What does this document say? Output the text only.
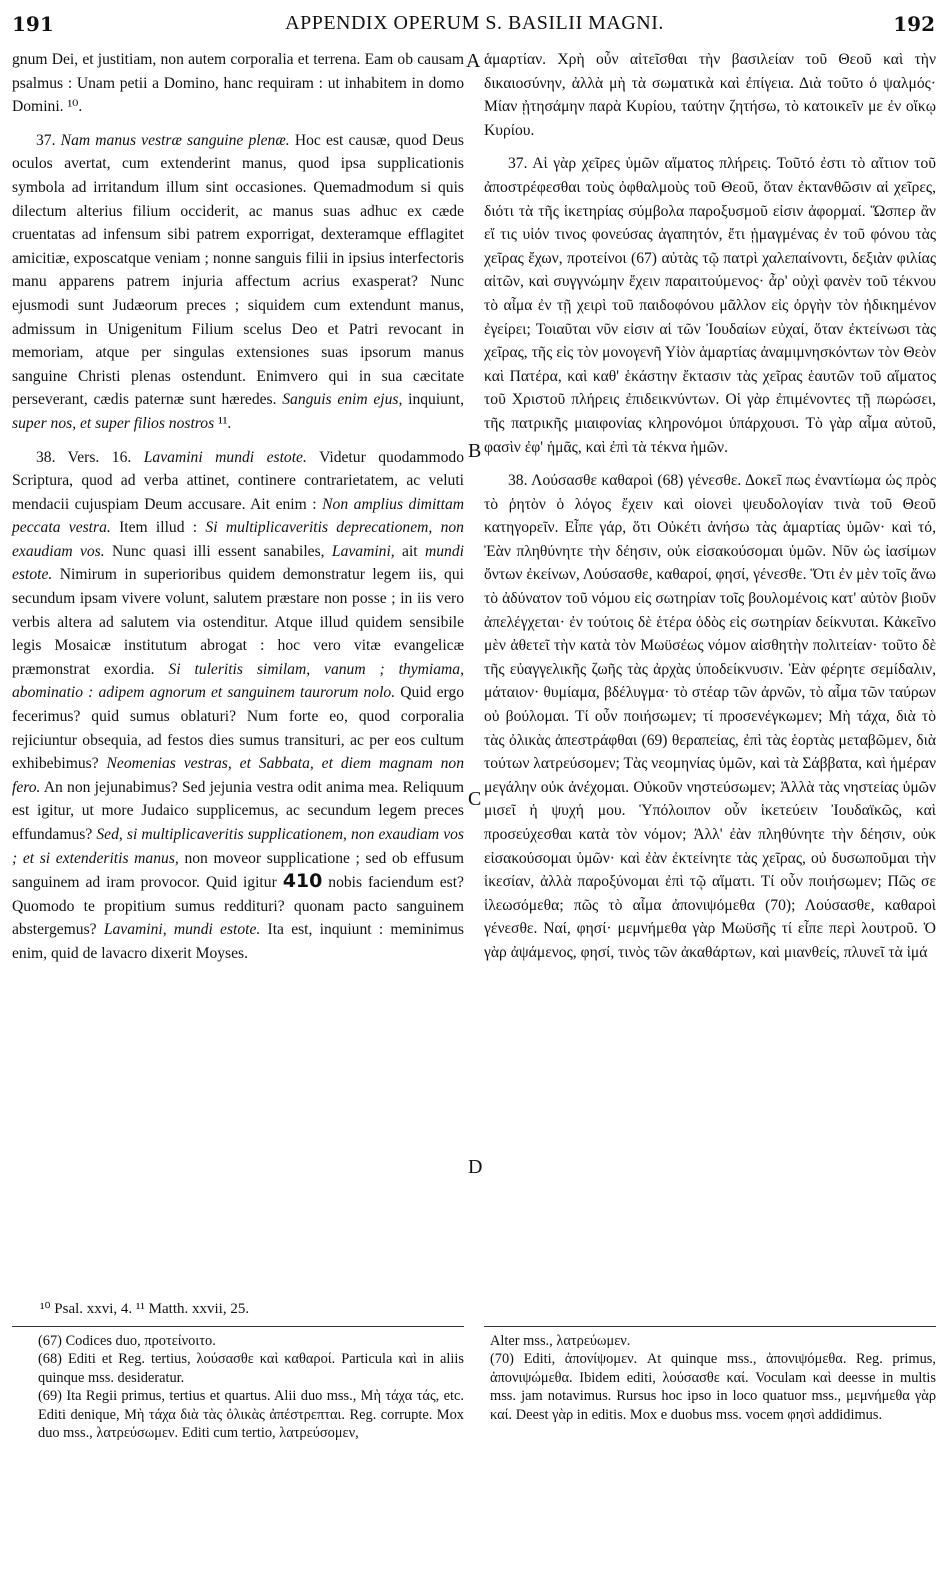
191	APPENDIX OPERUM S. BASILII MAGNI.	192

gnum Dei, et justitiam, non autem corporalia et terrena. Eam ob causam psalmus : Unam petii a Domino, hanc requiram : ut inhabitem in domo Domini. ¹⁰.

37. Nam manus vestræ sanguine plenæ. Hoc est causæ, quod Deus oculos avertat, cum extenderint manus, quod ipsa supplicationis symbola ad irritandum illum sint occasiones. Quemadmodum si quis dilectum alterius filium occiderit, ac manus suas adhuc ex cæde cruentatas ad infensum sibi patrem exporrigat, dexteramque efflagitet amicitiæ, exposcatque veniam ; nonne sanguis filii in ipsius interfectoris manu apparens patrem injuria affectum acrius exasperat? Nunc ejusmodi sunt Judæorum preces ; siquidem cum extendunt manus, admissum in Unigenitum Filium scelus Deo et Patri revocant in memoriam, atque per singulas extensiones suas ipsorum manus sanguine Christi plenas ostendunt. Enimvero qui in sua cæcitate perseverant, cædis paternæ sunt hæredes. Sanguis enim ejus, inquiunt, super nos, et super filios nostros ¹¹.

38. Vers. 16. Lavamini mundi estote. Videtur quodammodo Scriptura, quod ad verba attinet, continere contrarietatem, ac veluti mendacii cujuspiam Deum accusare. Ait enim : Non amplius dimittam peccata vestra. Item illud : Si multiplicaveritis deprecationem, non exaudiam vos. Nunc quasi illi essent sanabiles, Lavamini, ait mundi estote. Nimirum in superioribus quidem demonstratur legem iis, qui secundum ipsam vivere volunt, salutem præstare non posse ; in iis vero verbis altera ad salutem via ostenditur. Atque illud quidem sensibile legis Mosaicæ institutum abrogat : hoc vero vitæ evangelicæ præmonstrat exordia. Si tuleritis similam, vanum ; thymiama, abominatio : adipem agnorum et sanguinem taurorum nolo. Quid ergo fecerimus? quid sumus oblaturi? Num forte eo, quod corporalia rejiciuntur obsequia, ad festos dies sumus transituri, ac per eos cultum exhibebimus? Neomenias vestras, et Sabbata, et diem magnam non fero. An non jejunabimus? Sed jejunia vestra odit anima mea. Reliquum est igitur, ut more Judaico supplicemus, ac secundum legem preces effundamus? Sed, si multiplicaveritis supplicationem, non exaudiam vos ; et si extenderitis manus, non moveor supplicatione ; sed ob effusum sanguinem ad iram provocor. Quid igitur 410 nobis faciendum est? Quomodo te propitium sumus reddituri? quonam pacto sanguinem abstergemus? Lavamini, mundi estote. Ita est, inquiunt : meminimus enim, quid de lavacro dixerit Moyses.

ἁμαρτίαν. Χρὴ οὖν αἰτεῖσθαι τὴν βασιλείαν τοῦ Θεοῦ καὶ τὴν δικαιοσύνην, ἀλλὰ μὴ τὰ σωματικὰ καὶ ἐπίγεια. Διὰ τοῦτο ὁ ψαλμός· Μίαν ᾐτησάμην παρὰ Κυρίου, ταύτην ζητήσω, τὸ κατοικεῖν με ἐν οἴκῳ Κυρίου.

37. Αἱ γὰρ χεῖρες ὑμῶν αἵματος πλήρεις. Τοῦτό ἐστι τὸ αἴτιον τοῦ ἀποστρέφεσθαι τοὺς ὀφθαλμοὺς τοῦ Θεοῦ, ὅταν ἐκτανθῶσιν αἱ χεῖρες, διότι τὰ τῆς ἱκετηρίας σύμβολα παροξυσμοῦ εἰσιν ἀφορμαί. Ὥσπερ ἂν εἴ τις υἱόν τινος φονεύσας ἀγαπητόν, ἔτι ᾑμαγμένας ἐν τοῦ φόνου τὰς χεῖρας ἔχων, προτείνοι (67) αὐτὰς τῷ πατρὶ χαλεπαίνοντι, δεξιὰν φιλίας αἰτῶν, καὶ συγγνώμην ἔχειν παραιτούμενος· ἆρ' οὐχὶ φανὲν τοῦ τέκνου τὸ αἷμα ἐν τῇ χειρὶ τοῦ παιδοφόνου μᾶλλον εἰς ὀργὴν τὸν ἠδικημένον ἐγείρει; Τοιαῦται νῦν εἰσιν αἱ τῶν Ἰουδαίων εὐχαί, ὅταν ἐκτείνωσι τὰς χεῖρας, τῆς εἰς τὸν μονογενῆ Υἱὸν ἁμαρτίας ἀναμιμνησκόντων τὸν Θεὸν καὶ Πατέρα, καὶ καθ' ἑκάστην ἔκτασιν τὰς χεῖρας ἑαυτῶν τοῦ αἵματος τοῦ Χριστοῦ πλήρεις ἐπιδεικνύντων. Οἱ γὰρ ἐπιμένοντες τῇ πωρώσει, τῆς πατρικῆς μιαιφονίας κληρονόμοι ὑπάρχουσι. Τὸ γὰρ αἷμα αὐτοῦ, φασὶν ἐφ' ἡμᾶς, καὶ ἐπὶ τὰ τέκνα ἡμῶν.

38. Λούσασθε καθαροὶ (68) γένεσθε. Δοκεῖ πως ἐναντίωμα ὡς πρὸς τὸ ῥητὸν ὁ λόγος ἔχειν καὶ οἱονεὶ ψευδολογίαν τινὰ τοῦ Θεοῦ κατηγορεῖν. Εἶπε γάρ, ὅτι Οὐκέτι ἀνήσω τὰς ἁμαρτίας ὑμῶν· καὶ τό, Ἐὰν πληθύνητε τὴν δέησιν, οὐκ εἰσακούσομαι ὑμῶν. Νῦν ὡς ἰασίμων ὄντων ἐκείνων, Λούσασθε, καθαροί, φησί, γένεσθε. Ὅτι ἐν μὲν τοῖς ἄνω τὸ ἀδύνατον τοῦ νόμου εἰς σωτηρίαν τοῖς βουλομένοις κατ' αὐτὸν βιοῦν ἀπελέγχεται· ἐν τούτοις δὲ ἑτέρα ὁδὸς εἰς σωτηρίαν δείκνυται. Κἀκεῖνο μὲν ἀθετεῖ τὴν κατὰ τὸν Μωϋσέως νόμον αἰσθητὴν πολιτείαν· τοῦτο δὲ τῆς εὐαγγελικῆς ζωῆς τὰς ἀρχὰς ὑποδείκνυσιν. Ἐὰν φέρητε σεμίδαλιν, μάταιον· θυμίαμα, βδέλυγμα· τὸ στέαρ τῶν ἀρνῶν, τὸ αἷμα τῶν ταύρων οὐ βούλομαι. Τί οὖν ποιήσωμεν; τί προσενέγκωμεν; Μὴ τάχα, διὰ τὸ τὰς ὀλικὰς ἀπεστράφθαι (69) θεραπείας, ἐπὶ τὰς ἑορτὰς μεταβῶμεν, διὰ τούτων λατρεύσομεν; Τὰς νεομηνίας ὑμῶν, καὶ τὰ Σάββατα, καὶ ἡμέραν μεγάλην οὐκ ἀνέχομαι. Οὐκοῦν νηστεύσωμεν; Ἀλλὰ τὰς νηστείας ὑμῶν μισεῖ ἡ ψυχή μου. Ὑπόλοιπον οὖν ἱκετεύειν Ἰουδαϊκῶς, καὶ προσεύχεσθαι κατὰ τὸν νόμον; Ἀλλ' ἐὰν πληθύνητε τὴν δέησιν, οὐκ εἰσακούσομαι ὑμῶν· καὶ ἐὰν ἐκτείνητε τὰς χεῖρας, οὐ δυσωποῦμαι τὴν ἱκεσίαν, ἀλλὰ παροξύνομαι ἐπὶ τῷ αἵματι. Τί οὖν ποιήσωμεν; Πῶς σε ἱλεωσόμεθα; πῶς τὸ αἷμα ἀπονιψόμεθα (70); Λούσασθε, καθαροὶ γένεσθε. Ναί, φησί· μεμνήμεθα γὰρ Μωϋσῆς τί εἶπε περὶ λουτροῦ. Ὁ γὰρ ἀψάμενος, φησί, τινὸς τῶν ἀκαθάρτων, καὶ μιανθείς, πλυνεῖ τὰ ἱμά

A
B
C
D
¹⁰ Psal. xxvi, 4. ¹¹ Matth. xxvii, 25.

(67) Codices duo, προτείνοιτο.

(68) Editi et Reg. tertius, λούσασθε καὶ καθαροί. Particula καὶ in aliis quinque mss. desideratur.

(69) Ita Regii primus, tertius et quartus. Alii duo mss., Μὴ τάχα τάς, etc. Editi denique, Μὴ τάχα διὰ τὰς ὀλικὰς ἀπέστρεπται. Reg. corrupte. Mox duo mss., λατρεύσωμεν. Editi cum tertio, λατρεύσομεν,

Alter mss., λατρεύωμεν.

(70) Editi, ἀπονίψομεν. At quinque mss., ἀπονιψόμεθα. Reg. primus, ἀπονιψώμεθα. Ibidem editi, λούσασθε καί. Voculam καὶ deesse in multis mss. jam notavimus. Rursus hoc ipso in loco quatuor mss., μεμνήμεθα γὰρ καί. Deest γὰρ in editis. Mox e duobus mss. vocem φησὶ addidimus.
